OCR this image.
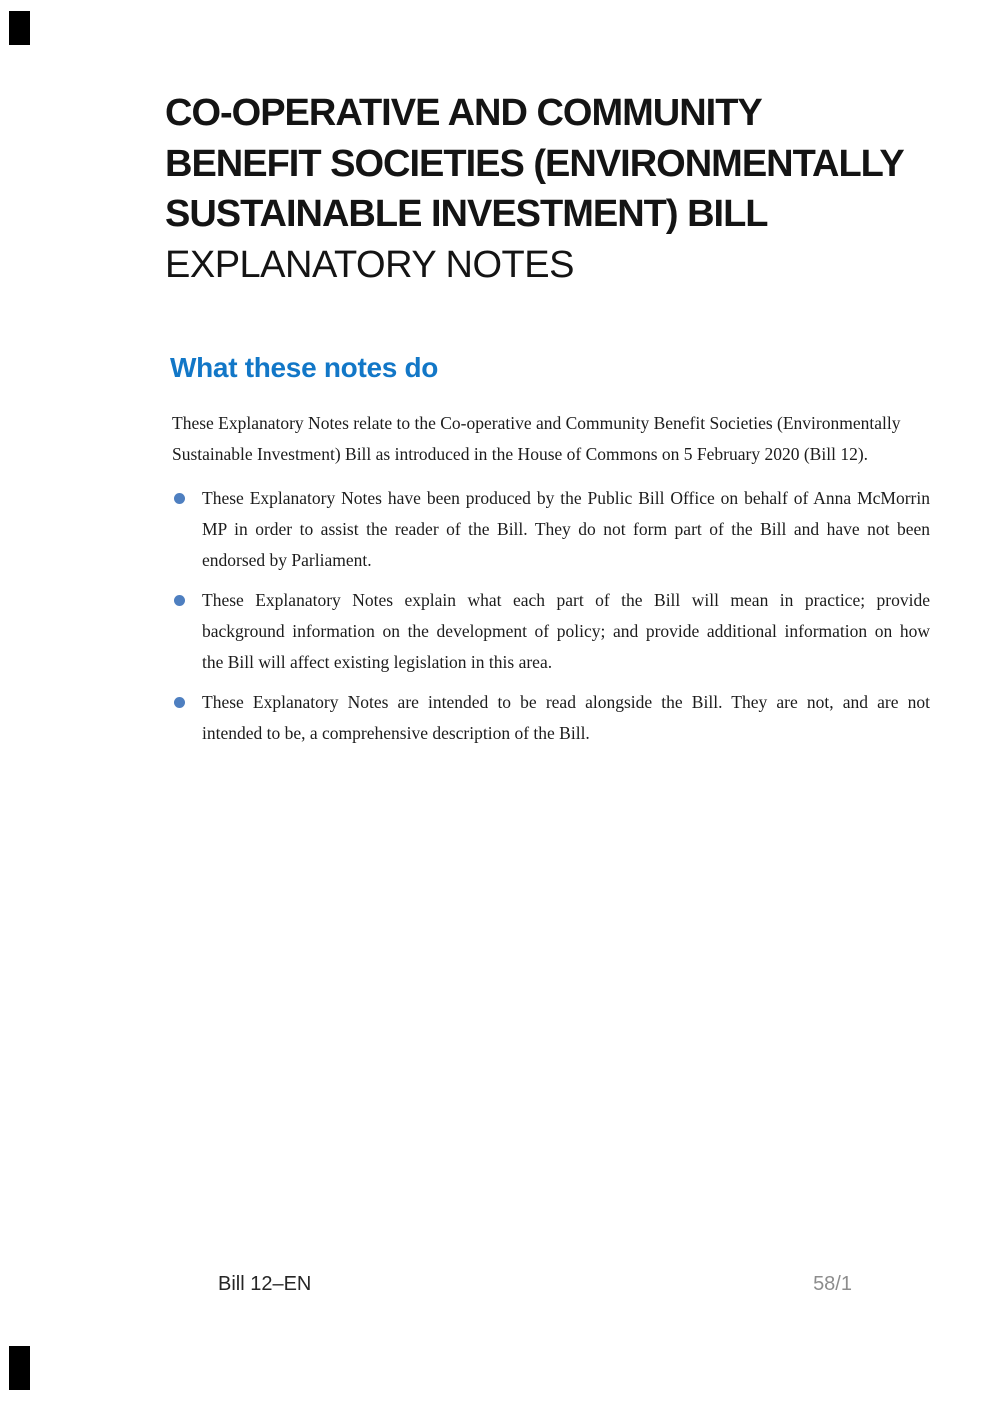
CO-OPERATIVE AND COMMUNITY
BENEFIT SOCIETIES (ENVIRONMENTALLY
SUSTAINABLE INVESTMENT) BILL
EXPLANATORY NOTES
What these notes do
These Explanatory Notes relate to the Co-operative and Community Benefit Societies (Environmentally
Sustainable Investment) Bill as introduced in the House of Commons on 5 February 2020 (Bill 12).
These Explanatory Notes have been produced by the Public Bill Office on behalf of Anna McMorrin
MP in order to assist the reader of the Bill. They do not form part of the Bill and have not been
endorsed by Parliament.
These Explanatory Notes explain what each part of the Bill will mean in practice; provide
background information on the development of policy; and provide additional information on how
the Bill will affect existing legislation in this area.
These Explanatory Notes are intended to be read alongside the Bill. They are not, and are not
intended to be, a comprehensive description of the Bill.
Bill 12–EN	58/1
